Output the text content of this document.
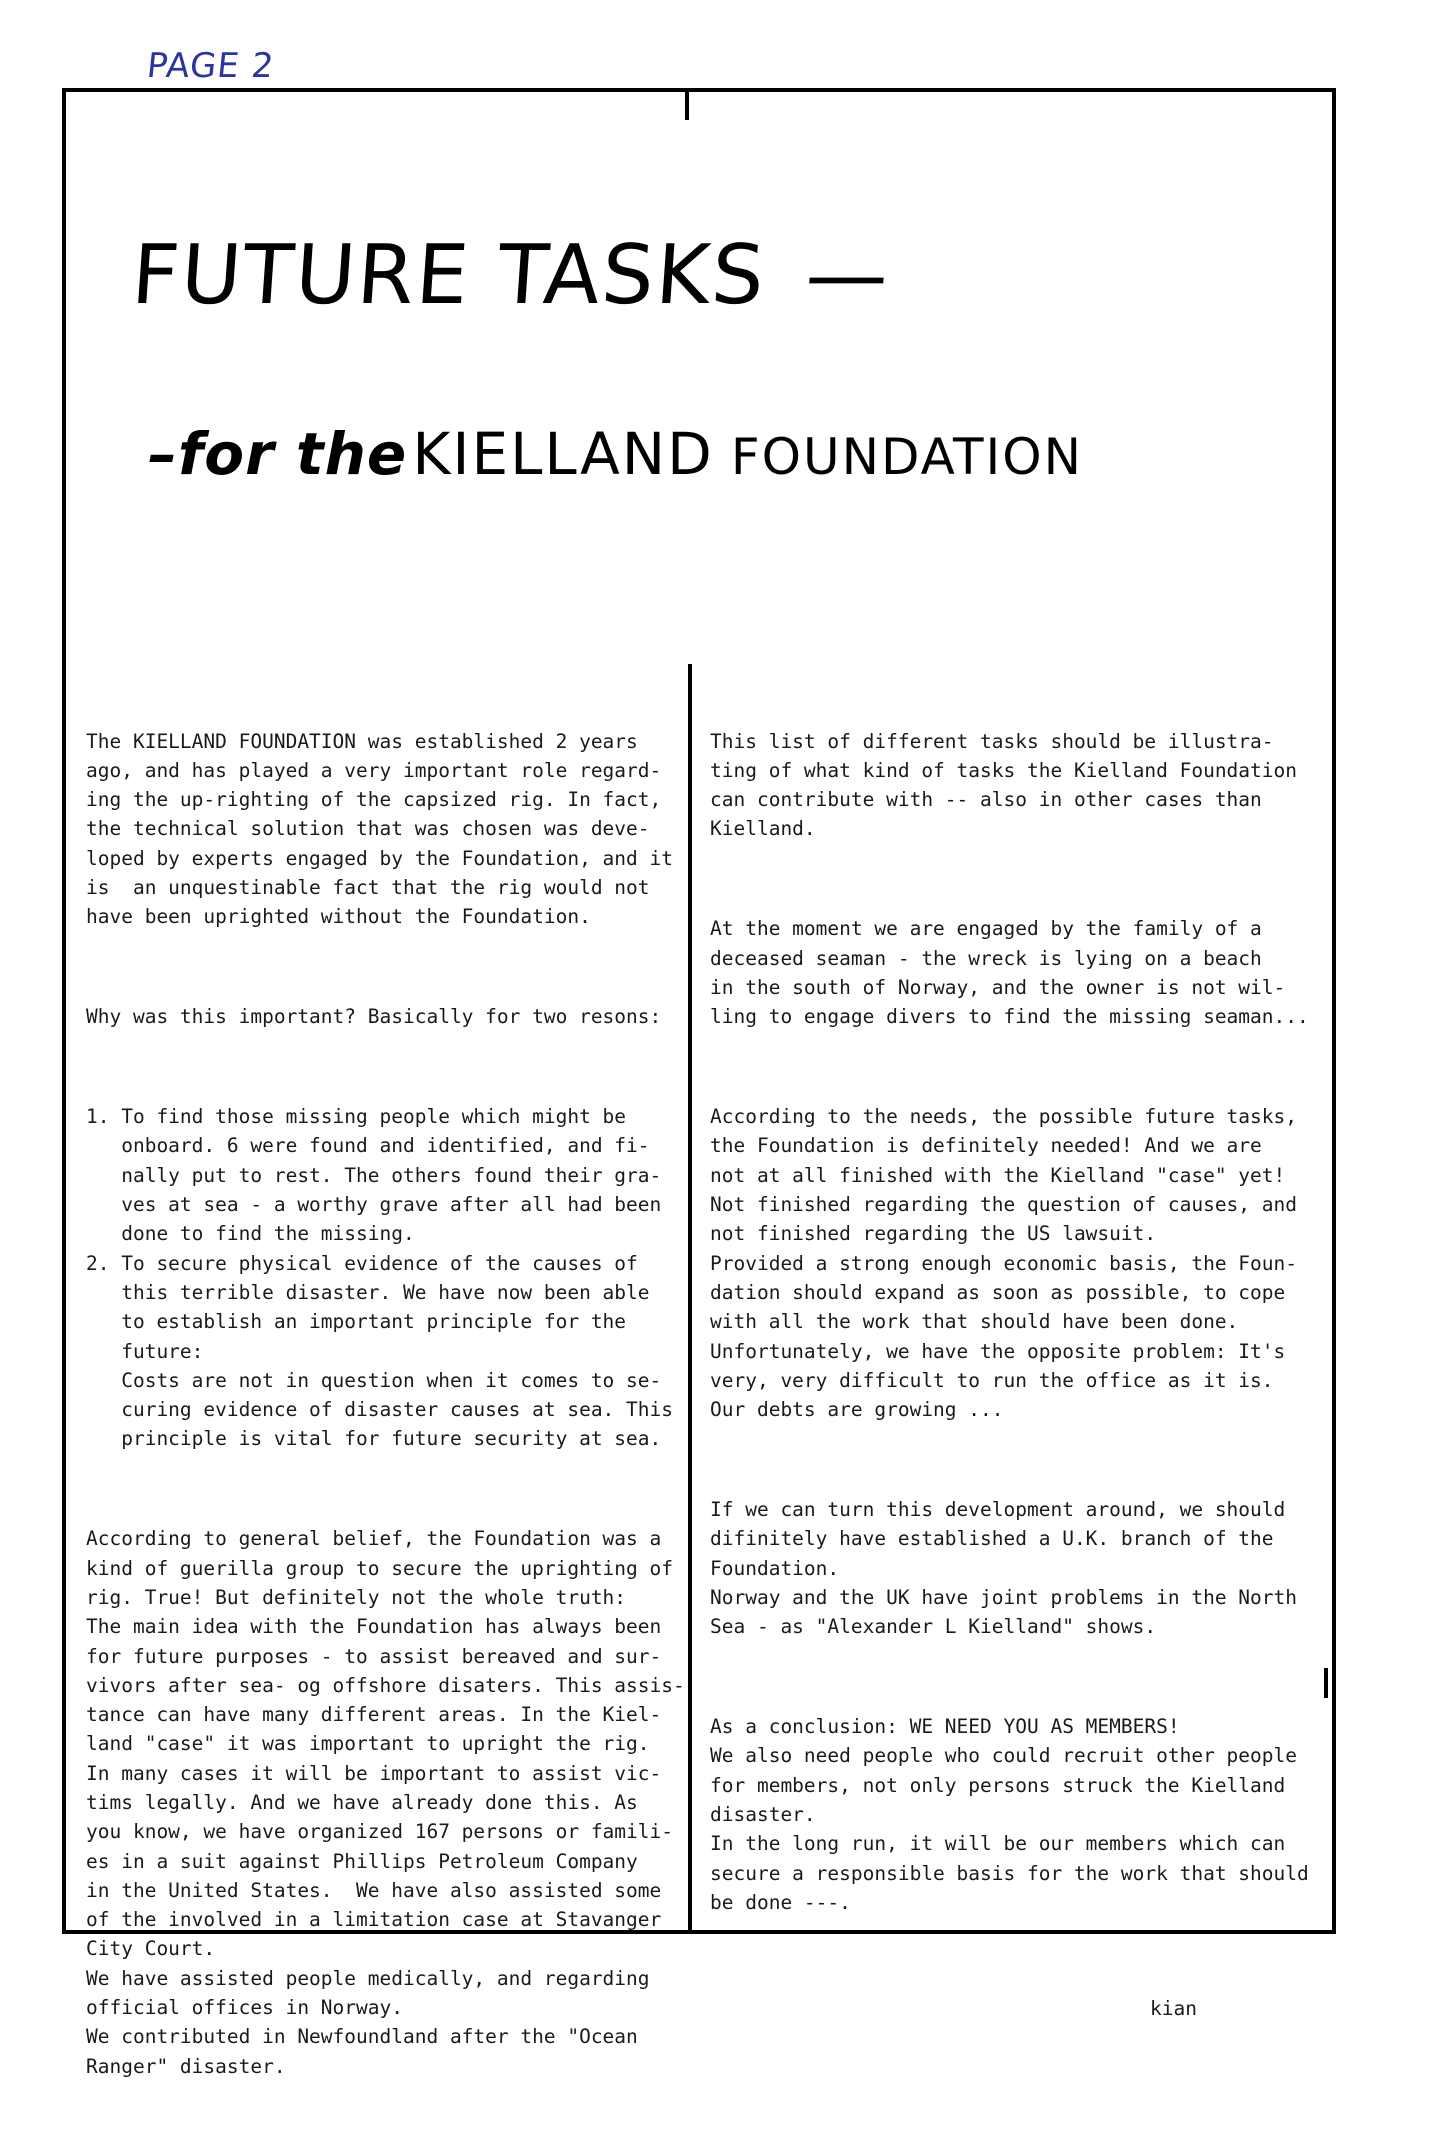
PAGE 2
FUTURE TASKS —
–for the KIELLAND FOUNDATION

The KIELLAND FOUNDATION was established 2 years
ago, and has played a very important role regard-
ing the up-righting of the capsized rig. In fact,
the technical solution that was chosen was deve-
loped by experts engaged by the Foundation, and it
is  an unquestinable fact that the rig would not
have been uprighted without the Foundation.

Why was this important? Basically for two resons:

1. To find those missing people which might be
onboard. 6 were found and identified, and fi-
nally put to rest. The others found their gra-
ves at sea - a worthy grave after all had been
done to find the missing.
2. To secure physical evidence of the causes of
this terrible disaster. We have now been able
to establish an important principle for the
future:
Costs are not in question when it comes to se-
curing evidence of disaster causes at sea. This
principle is vital for future security at sea.

According to general belief, the Foundation was a
kind of guerilla group to secure the uprighting of
rig. True! But definitely not the whole truth:
The main idea with the Foundation has always been
for future purposes - to assist bereaved and sur-
vivors after sea- og offshore disaters. This assis-
tance can have many different areas. In the Kiel-
land "case" it was important to upright the rig.
In many cases it will be important to assist vic-
tims legally. And we have already done this. As
you know, we have organized 167 persons or famili-
es in a suit against Phillips Petroleum Company
in the United States.  We have also assisted some
of the involved in a limitation case at Stavanger
City Court.
We have assisted people medically, and regarding
official offices in Norway.
We contributed in Newfoundland after the "Ocean
Ranger" disaster.

This list of different tasks should be illustra-
ting of what kind of tasks the Kielland Foundation
can contribute with -- also in other cases than
Kielland.

At the moment we are engaged by the family of a
deceased seaman - the wreck is lying on a beach
in the south of Norway, and the owner is not wil-
ling to engage divers to find the missing seaman...

According to the needs, the possible future tasks,
the Foundation is definitely needed! And we are
not at all finished with the Kielland "case" yet!
Not finished regarding the question of causes, and
not finished regarding the US lawsuit.
Provided a strong enough economic basis, the Foun-
dation should expand as soon as possible, to cope
with all the work that should have been done.
Unfortunately, we have the opposite problem: It's
very, very difficult to run the office as it is.
Our debts are growing ...

If we can turn this development around, we should
difinitely have established a U.K. branch of the
Foundation.
Norway and the UK have joint problems in the North
Sea - as "Alexander L Kielland" shows.

As a conclusion: WE NEED YOU AS MEMBERS!
We also need people who could recruit other people
for members, not only persons struck the Kielland
disaster.
In the long run, it will be our members which can
secure a responsible basis for the work that should
be done ---.

kian
